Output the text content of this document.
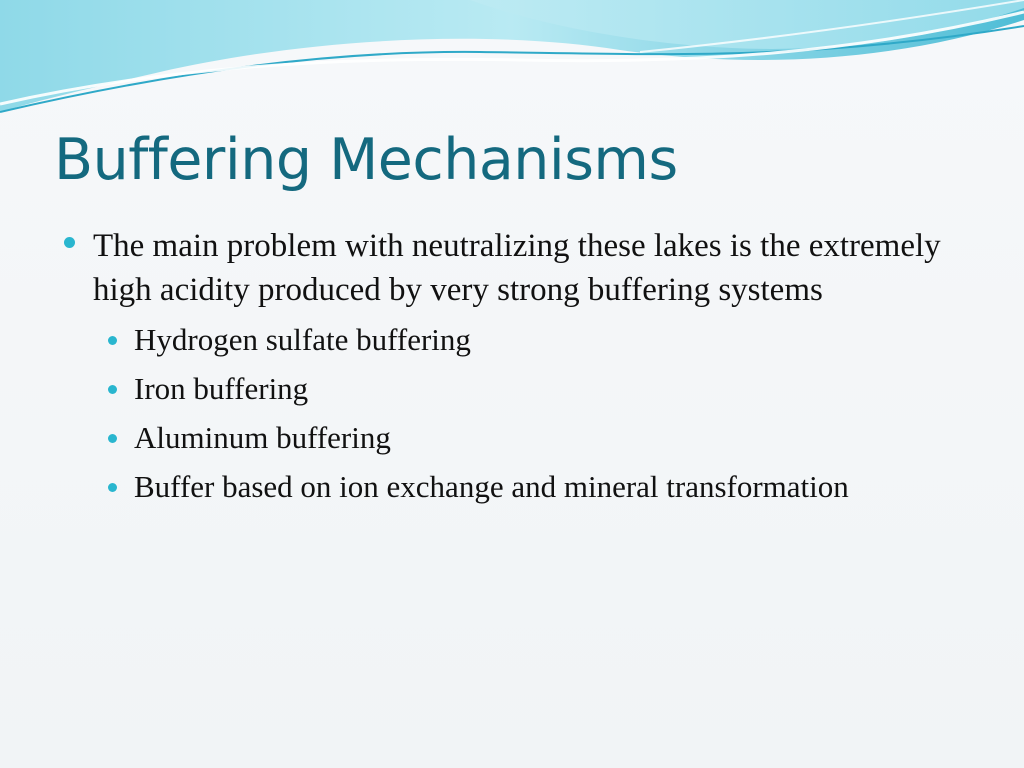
Buffering Mechanisms
The main problem with neutralizing these lakes is the extremely high acidity produced by very strong buffering systems
Hydrogen sulfate buffering
Iron buffering
Aluminum buffering
Buffer based on ion exchange and mineral transformation
